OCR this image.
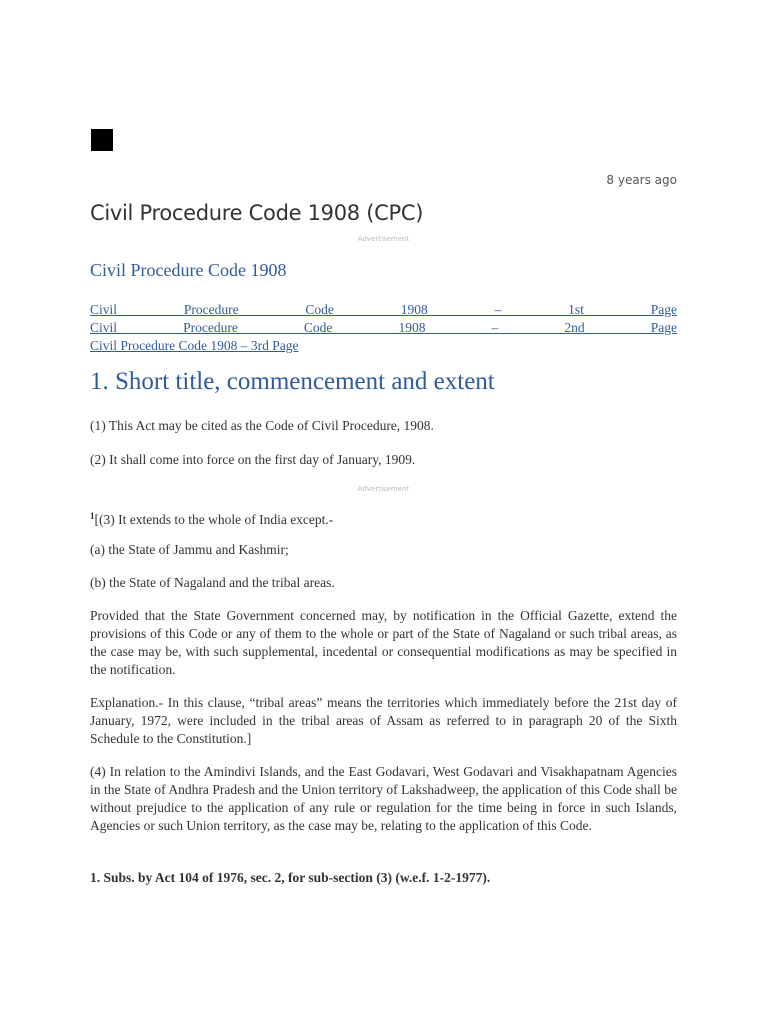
8 years ago
Civil Procedure Code 1908 (CPC)
Advertisement
Civil Procedure Code 1908
Civil Procedure Code 1908 – 1st Page
Civil Procedure Code 1908 – 2nd Page
Civil Procedure Code 1908 – 3rd Page
1. Short title, commencement and extent

(1) This Act may be cited as the Code of Civil Procedure, 1908.

(2) It shall come into force on the first day of January, 1909.

Advertisement

$^1$[(3) It extends to the whole of India except.-

(a) the State of Jammu and Kashmir;

(b) the State of Nagaland and the tribal areas.

Provided that the State Government concerned may, by notification in the Official Gazette, extend the provisions of this Code or any of them to the whole or part of the State of Nagaland or such tribal areas, as the case may be, with such supplemental, incedental or consequential modifications as may be specified in the notification.

Explanation.- In this clause, “tribal areas” means the territories which immediately before the 21st day of January, 1972, were included in the tribal areas of Assam as referred to in paragraph 20 of the Sixth Schedule to the Constitution.]

(4) In relation to the Amindivi Islands, and the East Godavari, West Godavari and Visakhapatnam Agencies in the State of Andhra Pradesh and the Union territory of Lakshadweep, the application of this Code shall be without prejudice to the application of any rule or regulation for the time being in force in such Islands, Agencies or such Union territory, as the case may be, relating to the application of this Code.

1. Subs. by Act 104 of 1976, sec. 2, for sub-section (3) (w.e.f. 1-2-1977).
